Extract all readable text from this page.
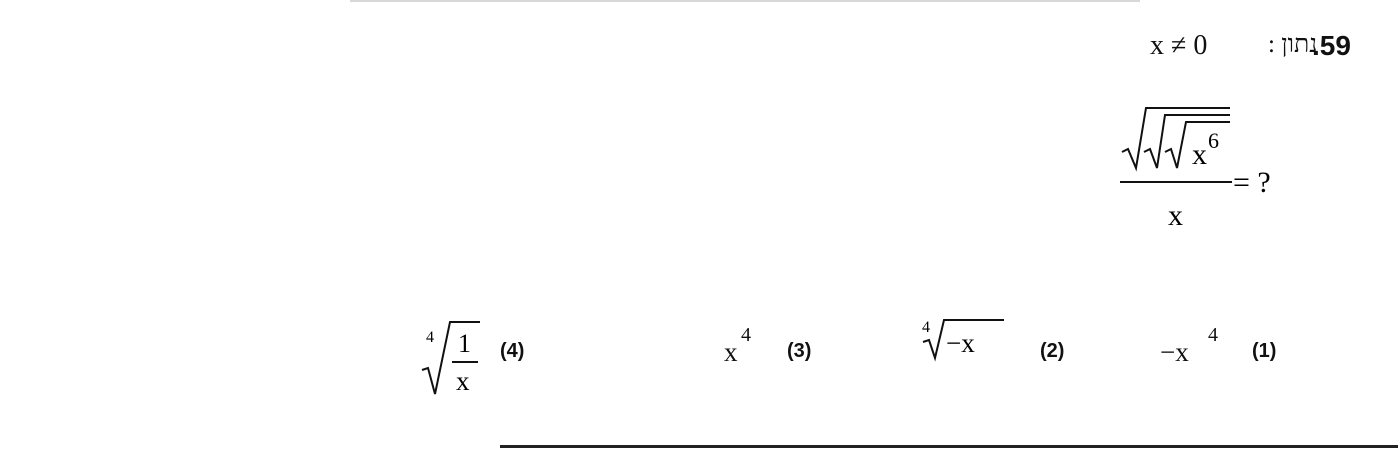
.59
נתון :
x ≠ 0
x 6
x
= ?
(1)
−x
4
(2)
4
−x
(3)
x
4
(4)
4 1
x
